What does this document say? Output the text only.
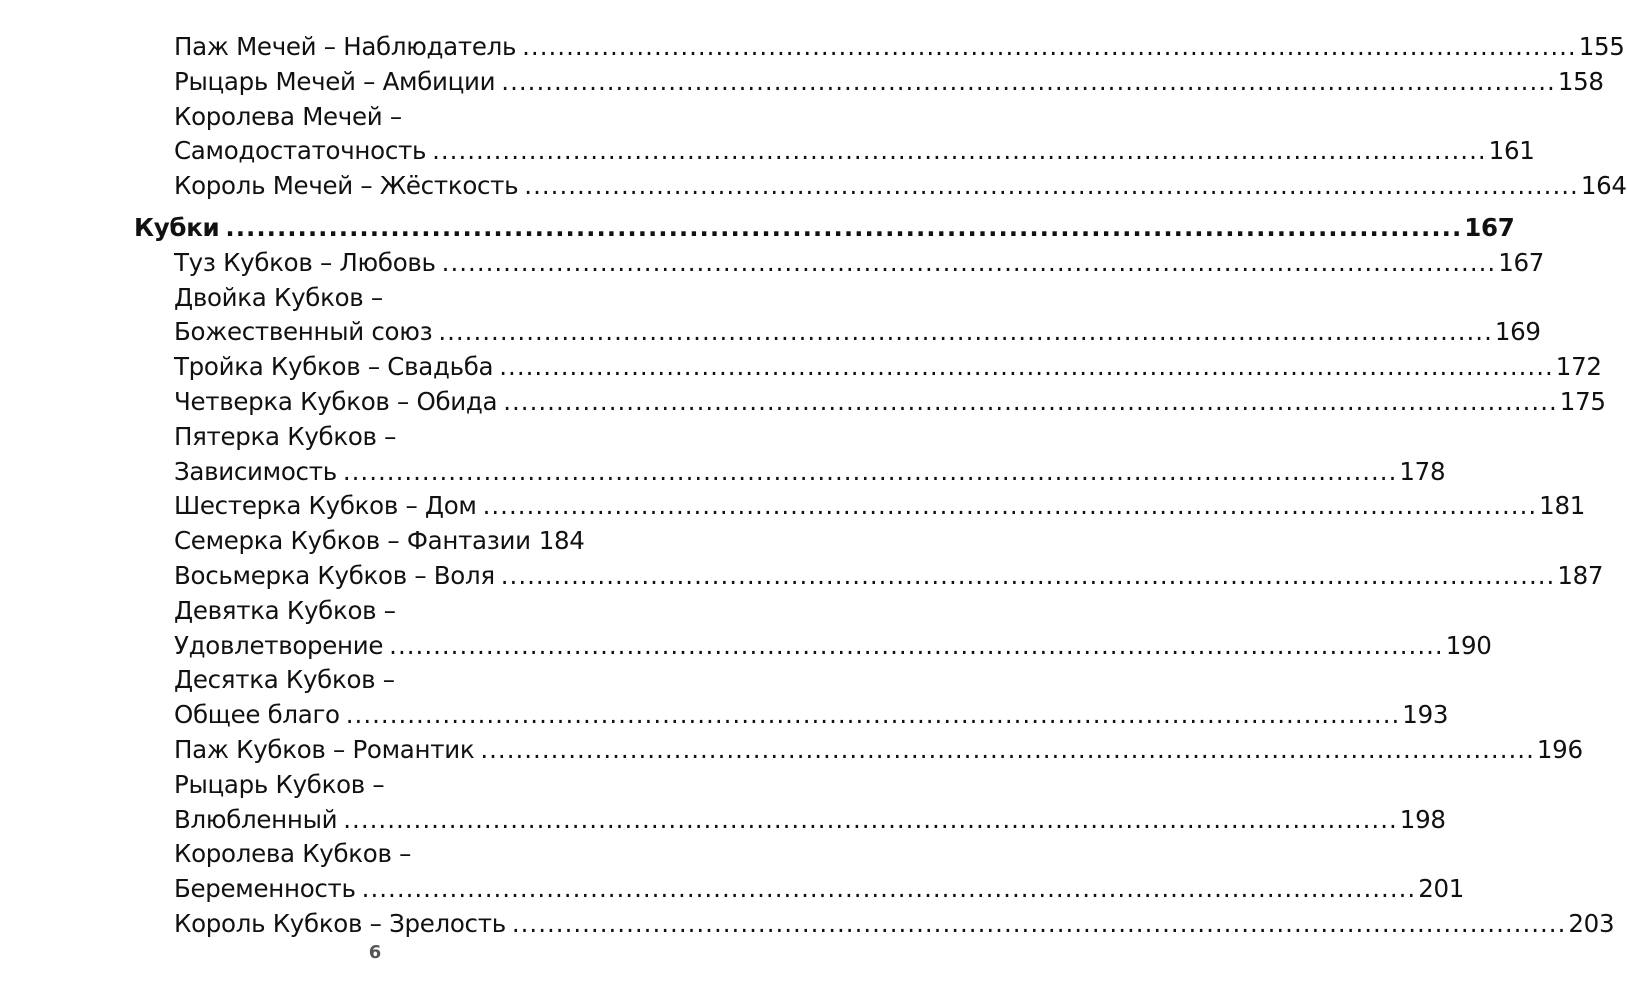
Паж Мечей – Наблюдатель ........................................................................................................................ 155
Рыцарь Мечей – Амбиции ........................................................................................................................ 158
Королева Мечей –
Самодостаточность ........................................................................................................................ 161
Король Мечей – Жёсткость ........................................................................................................................ 164
Кубки ........................................................................................................................ 167
Туз Кубков – Любовь ........................................................................................................................ 167
Двойка Кубков –
Божественный союз ........................................................................................................................ 169
Тройка Кубков – Свадьба ........................................................................................................................ 172
Четверка Кубков – Обида ........................................................................................................................ 175
Пятерка Кубков –
Зависимость ........................................................................................................................ 178
Шестерка Кубков – Дом ........................................................................................................................ 181
Семерка Кубков – Фантазии 184
Восьмерка Кубков – Воля ........................................................................................................................ 187
Девятка Кубков –
Удовлетворение ........................................................................................................................ 190
Десятка Кубков –
Общее благо ........................................................................................................................ 193
Паж Кубков – Романтик ........................................................................................................................ 196
Рыцарь Кубков –
Влюбленный ........................................................................................................................ 198
Королева Кубков –
Беременность ........................................................................................................................ 201
Король Кубков – Зрелость ........................................................................................................................ 203
6
